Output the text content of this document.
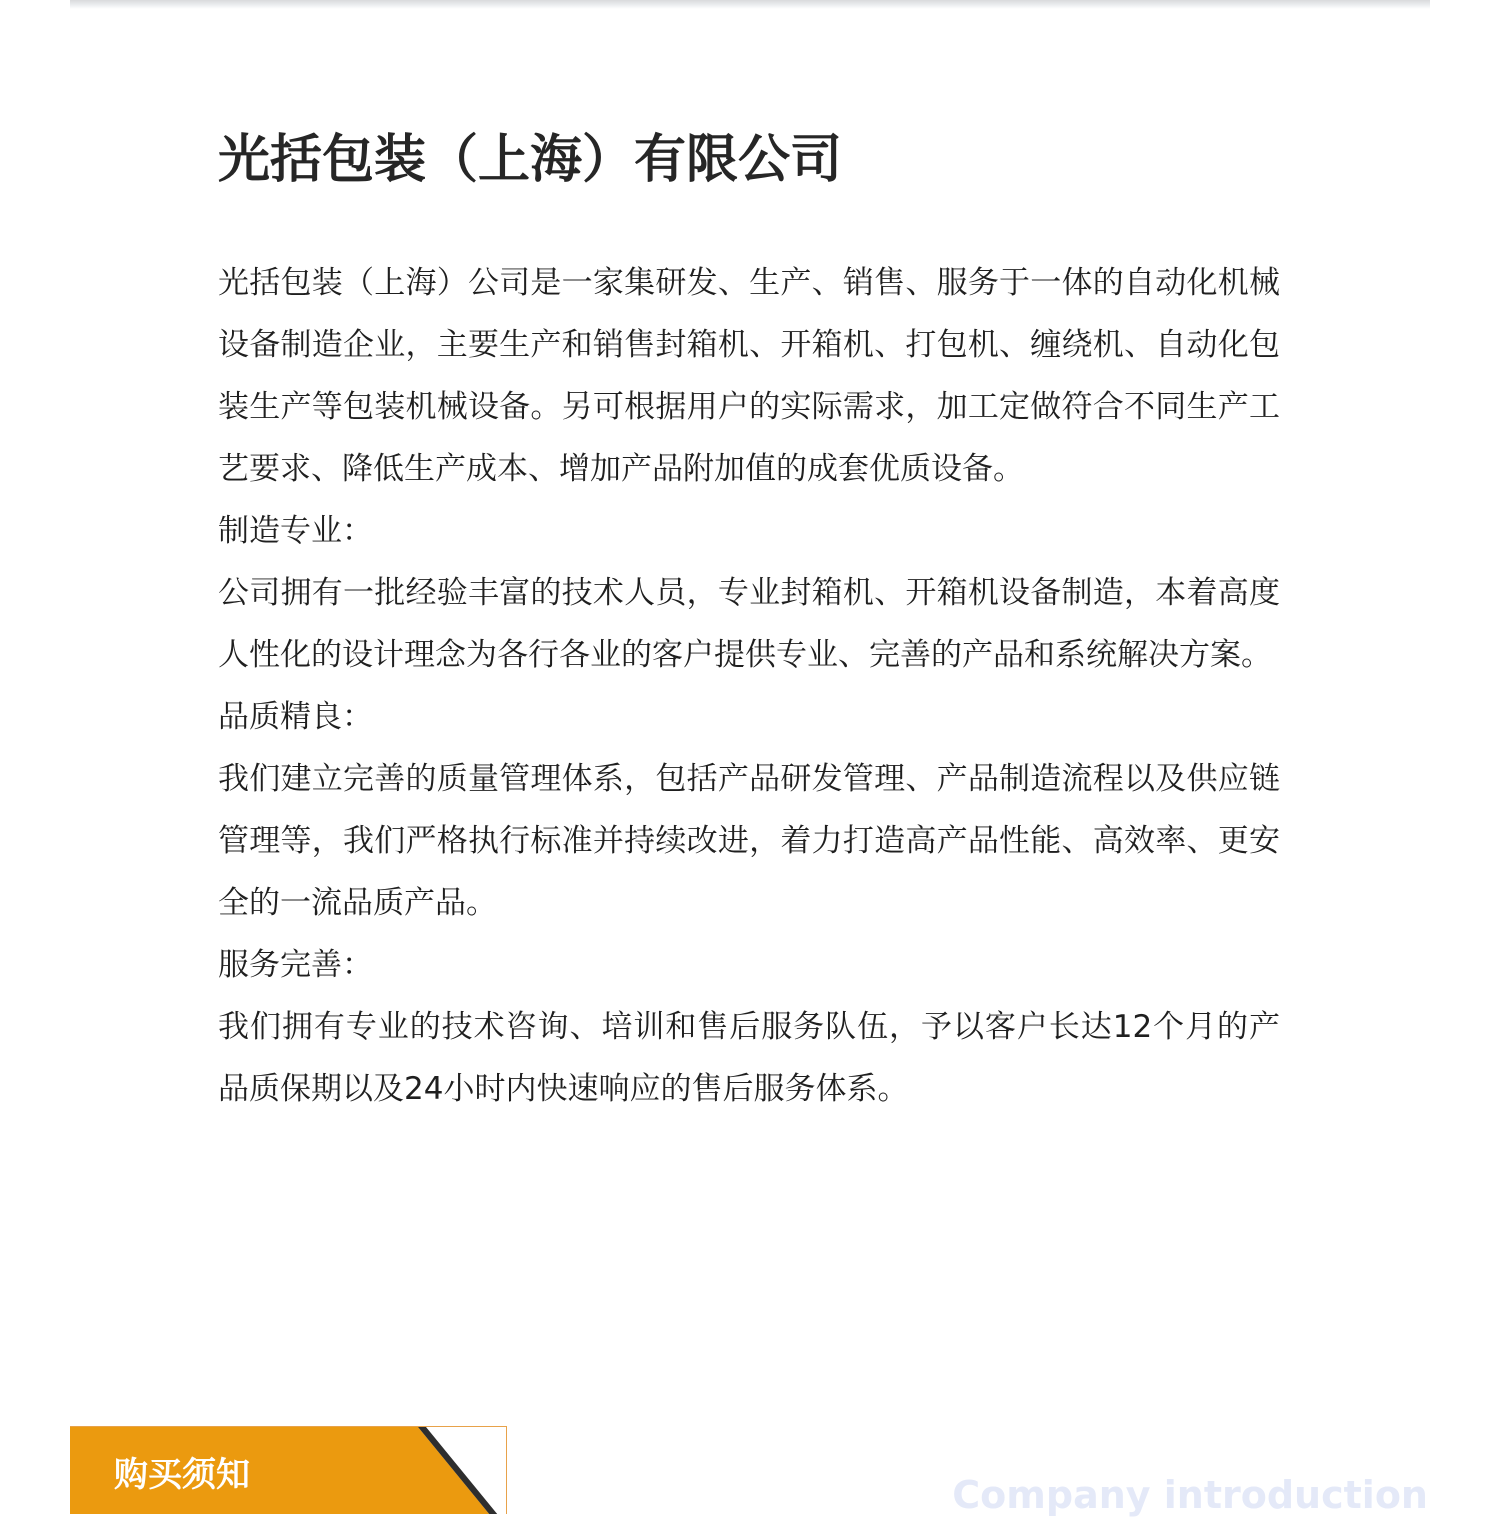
光括包装（上海）有限公司

光括包装（上海）公司是一家集研发、生产、销售、服务于一体的自动化机械设备制造企业，主要生产和销售封箱机、开箱机、打包机、缠绕机、自动化包装生产等包装机械设备。另可根据用户的实际需求，加工定做符合不同生产工艺要求、降低生产成本、增加产品附加值的成套优质设备。

制造专业：

公司拥有一批经验丰富的技术人员，专业封箱机、开箱机设备制造，本着高度人性化的设计理念为各行各业的客户提供专业、完善的产品和系统解决方案。

品质精良：

我们建立完善的质量管理体系，包括产品研发管理、产品制造流程以及供应链管理等，我们严格执行标准并持续改进，着力打造高产品性能、高效率、更安全的一流品质产品。

服务完善：

我们拥有专业的技术咨询、培训和售后服务队伍，予以客户长达12个月的产品质保期以及24小时内快速响应的售后服务体系。

购买须知	Company introduction
